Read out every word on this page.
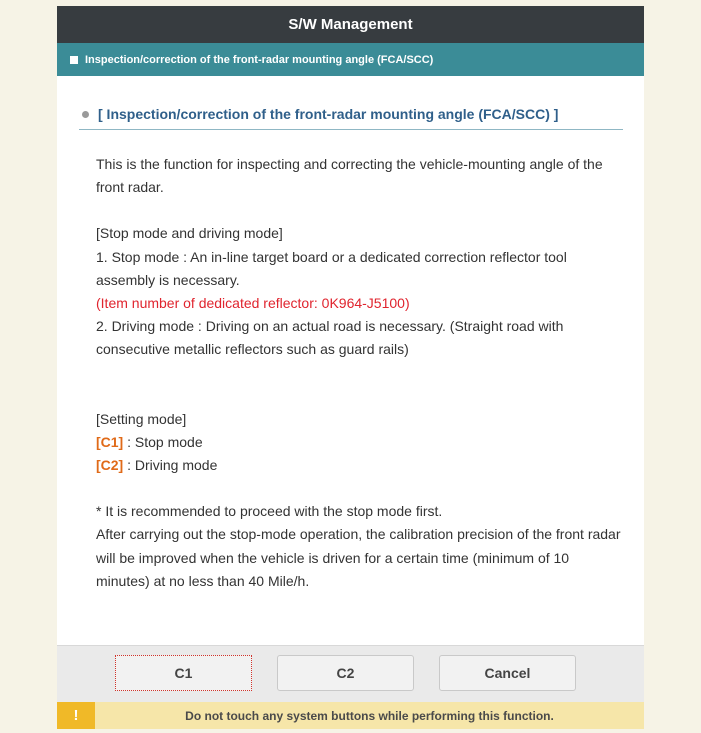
S/W Management
Inspection/correction of the front-radar mounting angle (FCA/SCC)
[ Inspection/correction of the front-radar mounting angle (FCA/SCC) ]

This is the function for inspecting and correcting the vehicle-mounting angle of the front radar.

[Stop mode and driving mode]

1. Stop mode : An in-line target board or a dedicated correction reflector tool assembly is necessary.

(Item number of dedicated reflector: 0K964-J5100)

2. Driving mode : Driving on an actual road is necessary. (Straight road with consecutive metallic reflectors such as guard rails)

[Setting mode]

[C1] : Stop mode

[C2] : Driving mode

* It is recommended to proceed with the stop mode first.

After carrying out the stop-mode operation, the calibration precision of the front radar will be improved when the vehicle is driven for a certain time (minimum of 10 minutes) at no less than 40 Mile/h.

C1	C2	Cancel
!	Do not touch any system buttons while performing this function.
